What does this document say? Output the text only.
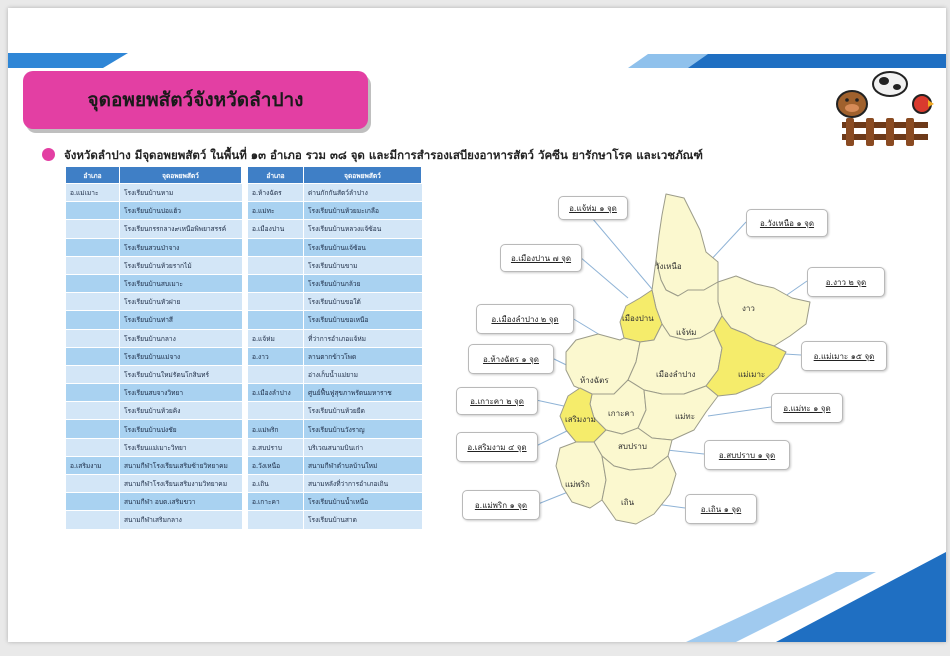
จุดอพยพสัตว์จังหวัดลำปาง
จังหวัดลำปาง มีจุดอพยพสัตว์ ในพื้นที่ ๑๓ อำเภอ รวม ๓๘ จุด และมีการสำรองเสบียงอาหารสัตว์ วัคซีน ยารักษาโรค และเวชภัณฑ์
อำเภอ	จุดอพยพสัตว์
อ.แม่เมาะ	โรงเรียนบ้านหาม
	โรงเรียนบ้านบ่อแฮ้ว
	โรงเรียนกรรกลาง๙เหนือพิพยาสรรค์
	โรงเรียนสวนป่าจาง
	โรงเรียนบ้านห้วยรากไม้
	โรงเรียนบ้านสบเมาะ
	โรงเรียนบ้านหัวฝาย
	โรงเรียนบ้านท่าสี
	โรงเรียนบ้านกลาง
	โรงเรียนบ้านแม่จาง
	โรงเรียนบ้านใหม่รัตนโกสินทร์
	โรงเรียนสบจางวิทยา
	โรงเรียนบ้านห้วยคิง
	โรงเรียนบ้านปงชัย
	โรงเรียนแม่เมาะวิทยา
อ.เสริมงาม	สนามกีฬาโรงเรียนเสริมซ้ายวิทยาคม
	สนามกีฬาโรงเรียนเสริมงามวิทยาคม
	สนามกีฬา อบต.เสริมขวา
	สนามกีฬาเสริมกลาง
อำเภอ	จุดอพยพสัตว์
อ.ห้างฉัตร	ด่านกักกันสัตว์ลำปาง
อ.แม่ทะ	โรงเรียนบ้านห้วยมะเกลือ
อ.เมืองปาน	โรงเรียนบ้านหลวงแจ้ซ้อน
	โรงเรียนบ้านแจ้ซ้อน
	โรงเรียนบ้านขาม
	โรงเรียนบ้านกล้วย
	โรงเรียนบ้านขอใต้
	โรงเรียนบ้านขอเหนือ
อ.แจ้ห่ม	ที่ว่าการอำเภอแจ้ห่ม
อ.งาว	ลานตากข้าวโพด
	อ่างเก็บน้ำแม่ยาม
อ.เมืองลำปาง	ศูนย์ฟื้นฟูสุขภาพรัตนมหาราช
	โรงเรียนบ้านห้วยยีด
อ.แม่พริก	โรงเรียนบ้านวังราญ
อ.สบปราบ	บริเวณสนามบินเก่า
อ.วังเหนือ	สนามกีฬาตำบลบ้านใหม่
อ.เถิน	สนามหลังที่ว่าการอำเภอเถิน
อ.เกาะคา	โรงเรียนบ้านน้ำเหนือ
	โรงเรียนบ้านสาด
วังเหนือ
งาว
แจ้ห่ม
เมืองปาน
ห้างฉัตร
เมืองลำปาง	แม่เมาะ
เกาะคา
เสริมงาม	แม่ทะ
สบปราบ
แม่พริก
เถิน
อ.แจ้ห่ม ๑ จุด
อ.วังเหนือ ๑ จุด
อ.เมืองปาน ๗ จุด
อ.งาว ๒ จุด
อ.เมืองลำปาง ๒ จุด
อ.ห้างฉัตร ๑ จุด	อ.แม่เมาะ ๑๕ จุด
อ.เกาะคา ๒ จุด
อ.แม่ทะ ๑ จุด
อ.เสริมงาม ๔ จุด
อ.สบปราบ ๑ จุด
อ.แม่พริก ๑ จุด	อ.เถิน ๑ จุด
